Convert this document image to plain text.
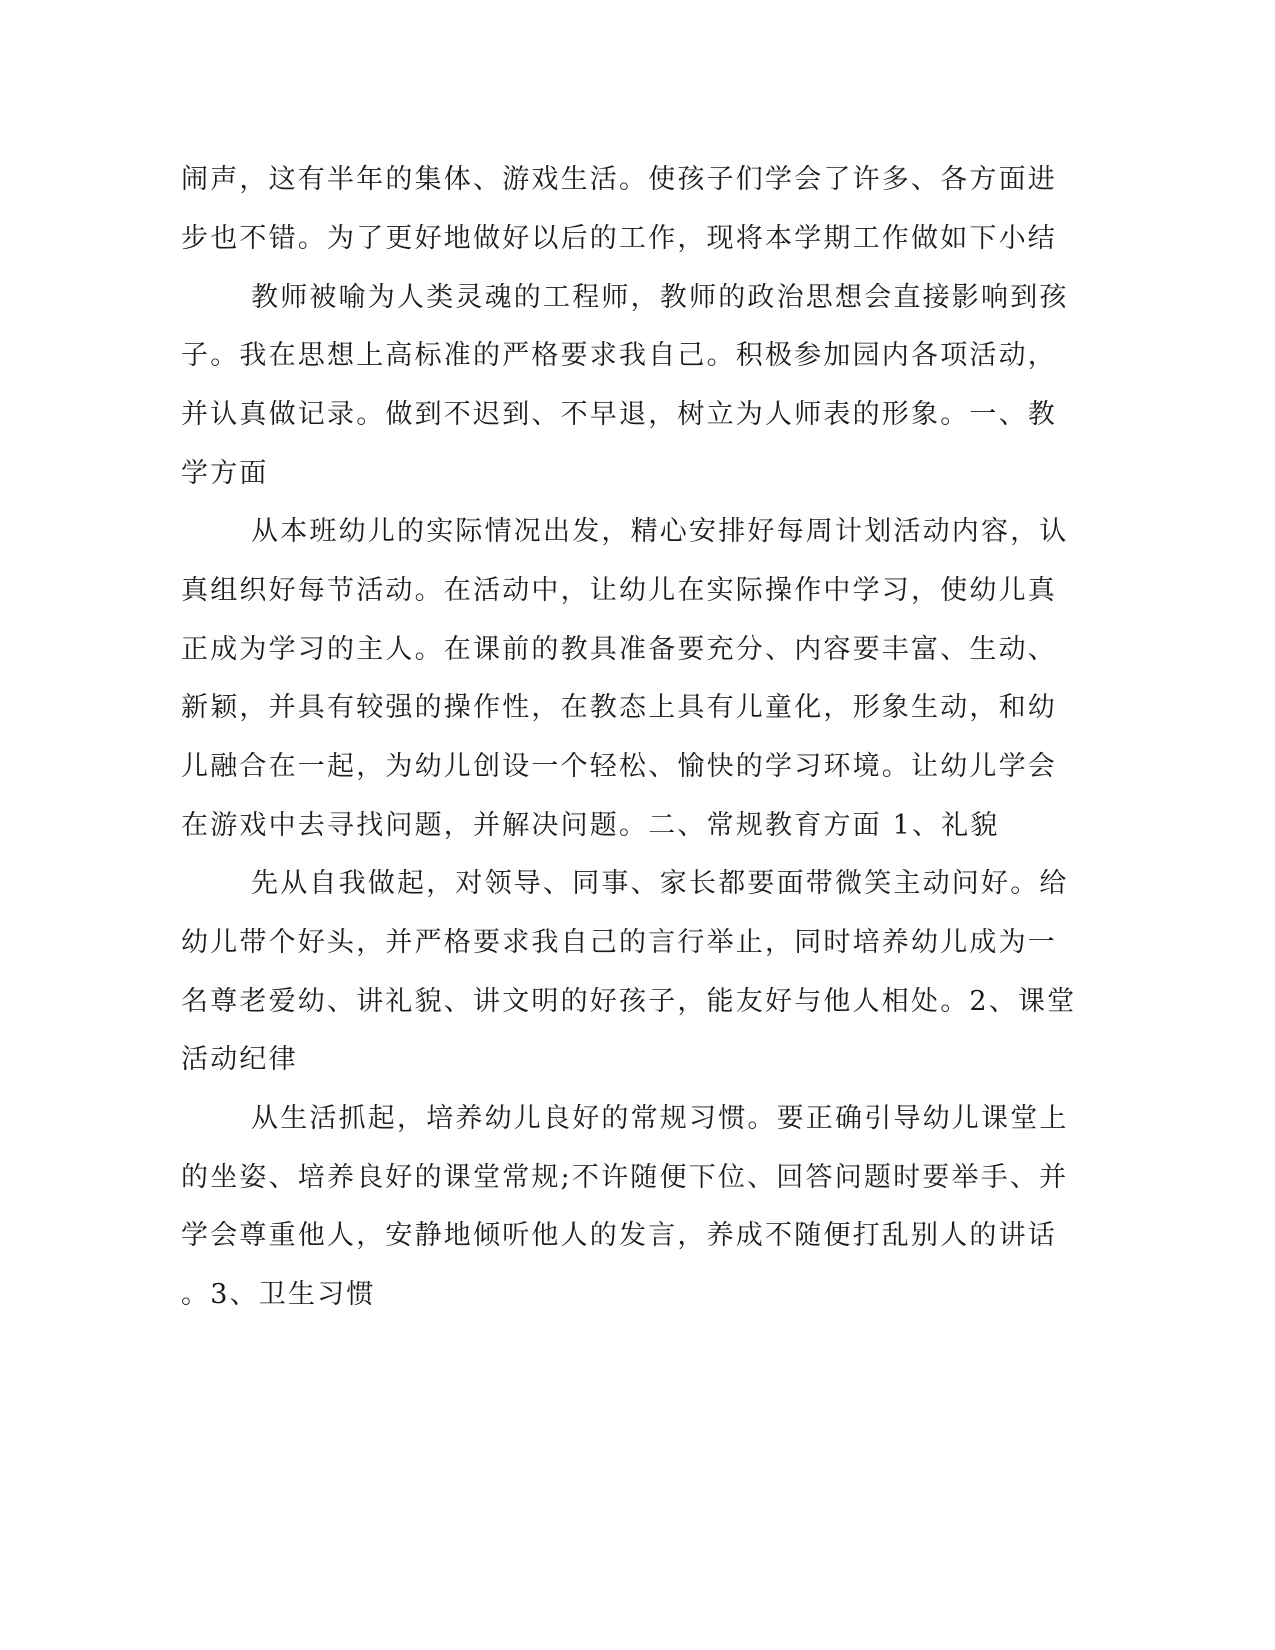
闹声，这有半年的集体、游戏生活。使孩子们学会了许多、各方面进
步也不错。为了更好地做好以后的工作，现将本学期工作做如下小结
教师被喻为人类灵魂的工程师，教师的政治思想会直接影响到孩
子。我在思想上高标准的严格要求我自己。积极参加园内各项活动，
并认真做记录。做到不迟到、不早退，树立为人师表的形象。一、教
学方面
从本班幼儿的实际情况出发，精心安排好每周计划活动内容，认
真组织好每节活动。在活动中，让幼儿在实际操作中学习，使幼儿真
正成为学习的主人。在课前的教具准备要充分、内容要丰富、生动、
新颖，并具有较强的操作性，在教态上具有儿童化，形象生动，和幼
儿融合在一起，为幼儿创设一个轻松、愉快的学习环境。让幼儿学会
在游戏中去寻找问题，并解决问题。二、常规教育方面 1、礼貌
先从自我做起，对领导、同事、家长都要面带微笑主动问好。给
幼儿带个好头，并严格要求我自己的言行举止，同时培养幼儿成为一
名尊老爱幼、讲礼貌、讲文明的好孩子，能友好与他人相处。2、课堂
活动纪律
从生活抓起，培养幼儿良好的常规习惯。要正确引导幼儿课堂上
的坐姿、培养良好的课堂常规;不许随便下位、回答问题时要举手、并
学会尊重他人，安静地倾听他人的发言，养成不随便打乱别人的讲话
。3、卫生习惯
